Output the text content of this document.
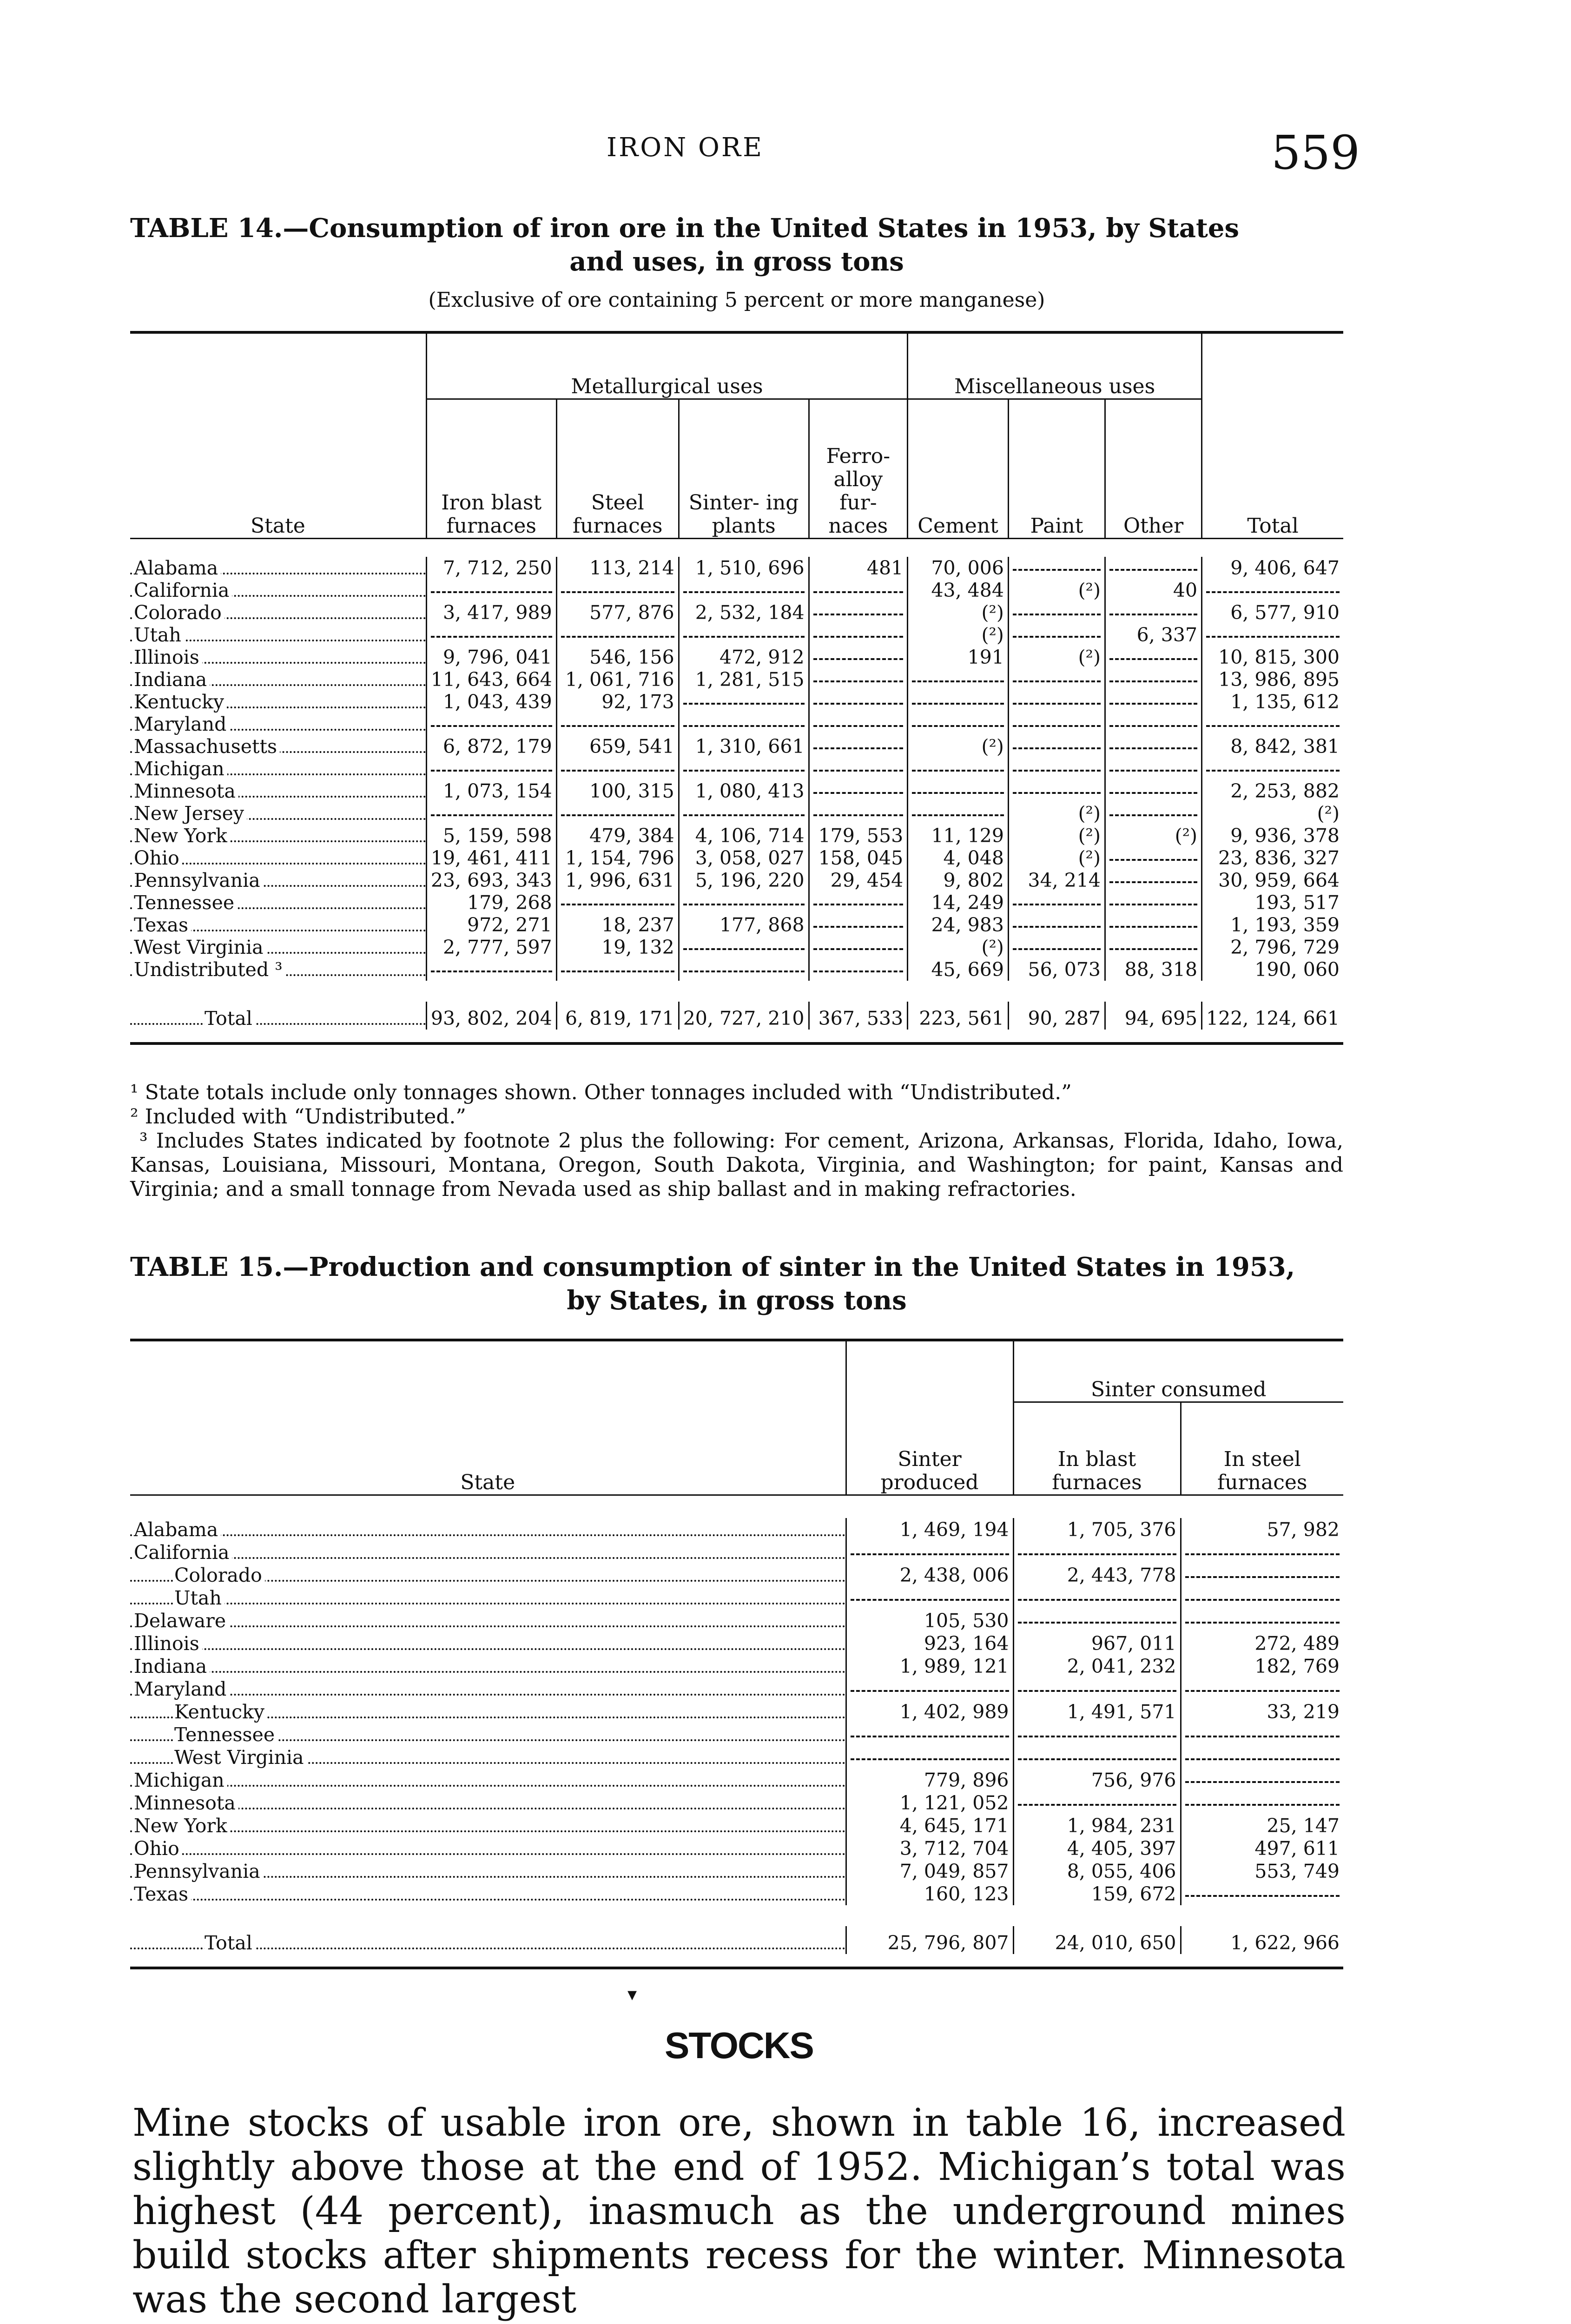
IRON ORE	559
TABLE 14.—Consumption of iron ore in the United States in 1953, by States
and uses, in gross tons
(Exclusive of ore containing 5 percent or more manganese)
State	Metallurgical uses				Miscellaneous uses			Total
	Iron blast furnaces	Steel furnaces	Sinter- ing plants	Ferro- alloy fur- naces	Cement	Paint	Other	

Alabama	7, 712, 250	113, 214	1, 510, 696	481	70, 006			9, 406, 647

California					43, 484	(²)	40	

Colorado	3, 417, 989	577, 876	2, 532, 184		(²)			6, 577, 910

Utah					(²)		6, 337	

Illinois	9, 796, 041	546, 156	472, 912		191	(²)		10, 815, 300

Indiana	11, 643, 664	1, 061, 716	1, 281, 515					13, 986, 895

Kentucky	1, 043, 439	92, 173						1, 135, 612

Maryland								

Massachusetts	6, 872, 179	659, 541	1, 310, 661		(²)			8, 842, 381

Michigan								

Minnesota	1, 073, 154	100, 315	1, 080, 413					2, 253, 882

New Jersey						(²)		(²)

New York	5, 159, 598	479, 384	4, 106, 714	179, 553	11, 129	(²)	(²)	9, 936, 378

Ohio	19, 461, 411	1, 154, 796	3, 058, 027	158, 045	4, 048	(²)		23, 836, 327

Pennsylvania	23, 693, 343	1, 996, 631	5, 196, 220	29, 454	9, 802	34, 214		30, 959, 664

Tennessee	179, 268				14, 249			193, 517

Texas	972, 271	18, 237	177, 868		24, 983			1, 193, 359

West Virginia	2, 777, 597	19, 132			(²)			2, 796, 729

Undistributed ³					45, 669	56, 073	88, 318	190, 060

Total	93, 802, 204	6, 819, 171	20, 727, 210	367, 533	223, 561	90, 287	94, 695	122, 124, 661

¹ State totals include only tonnages shown. Other tonnages included with “Undistributed.”
² Included with “Undistributed.”
³ Includes States indicated by footnote 2 plus the following: For cement, Arizona, Arkansas, Florida, Idaho, Iowa, Kansas, Louisiana, Missouri, Montana, Oregon, South Dakota, Virginia, and Washington; for paint, Kansas and Virginia; and a small tonnage from Nevada used as ship ballast and in making refractories.
TABLE 15.—Production and consumption of sinter in the United States in 1953,
by States, in gross tons
State	Sinter produced	Sinter consumed	
		In blast furnaces	In steel furnaces

Alabama	1, 469, 194	1, 705, 376	57, 982

California			

Colorado	2, 438, 006	2, 443, 778	

Utah			

Delaware	105, 530		

Illinois	923, 164	967, 011	272, 489

Indiana	1, 989, 121	2, 041, 232	182, 769

Maryland			

Kentucky	1, 402, 989	1, 491, 571	33, 219

Tennessee			

West Virginia			

Michigan	779, 896	756, 976	

Minnesota	1, 121, 052		

New York	4, 645, 171	1, 984, 231	25, 147

Ohio	3, 712, 704	4, 405, 397	497, 611

Pennsylvania	7, 049, 857	8, 055, 406	553, 749

Texas	160, 123	159, 672	

Total	25, 796, 807	24, 010, 650	1, 622, 966

▾
STOCKS
Mine stocks of usable iron ore, shown in table 16, increased slightly above those at the end of 1952. Michigan’s total was highest (44 percent), inasmuch as the underground mines build stocks after shipments recess for the winter. Minnesota was the second largest
